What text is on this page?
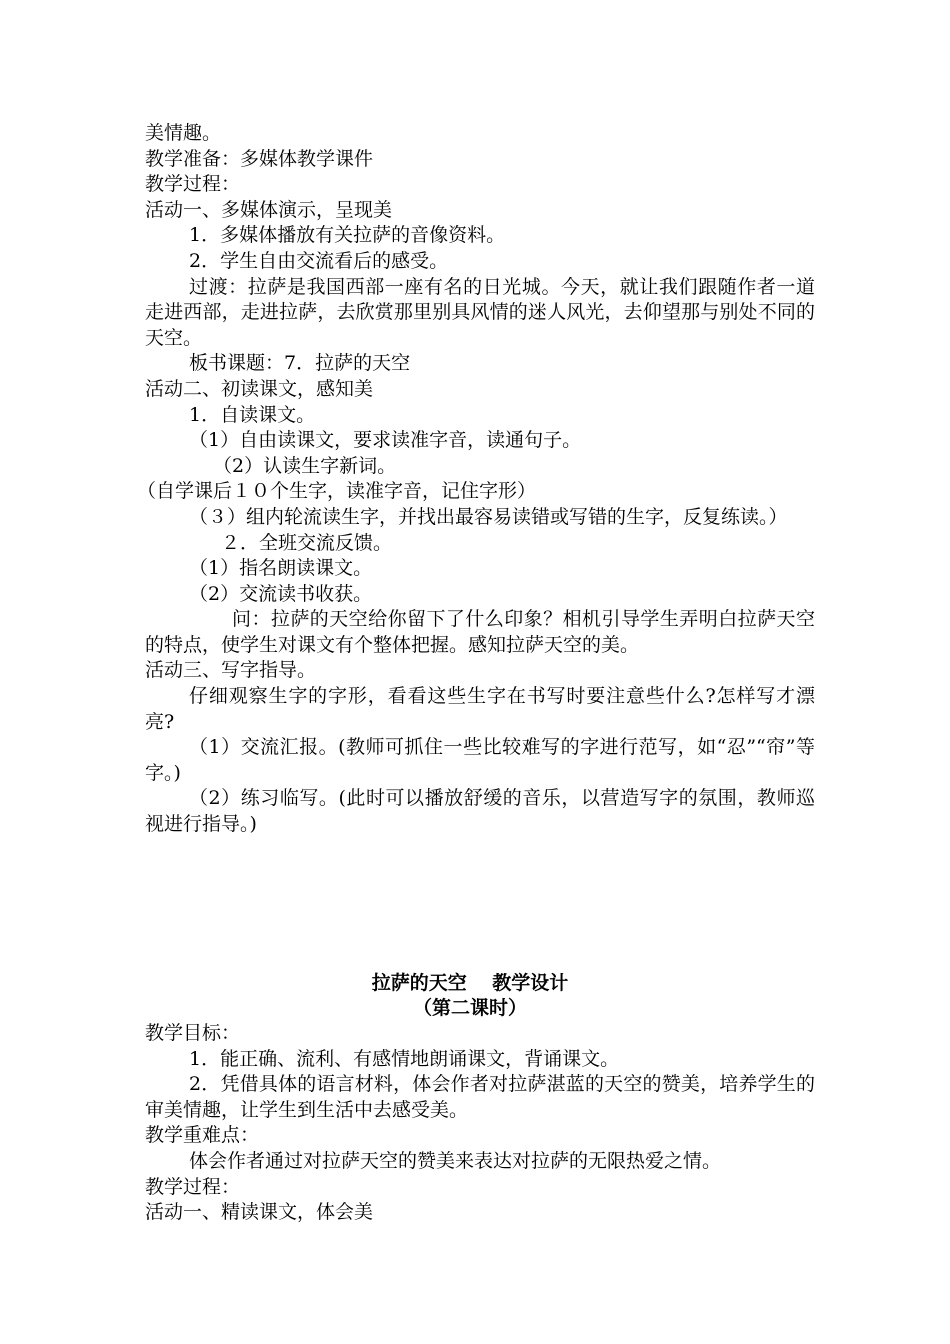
美情趣。

教学准备：多媒体教学课件

教学过程：

活动一、多媒体演示，呈现美

1．多媒体播放有关拉萨的音像资料。

2．学生自由交流看后的感受。

过渡：拉萨是我国西部一座有名的日光城。今天，就让我们跟随作者一道走进西部，走进拉萨，去欣赏那里别具风情的迷人风光，去仰望那与别处不同的天空。

板书课题：7．拉萨的天空

活动二、初读课文，感知美

1．自读课文。

（1）自由读课文，要求读准字音，读通句子。

（2）认读生字新词。

（自学课后１０个生字，读准字音，记住字形）

（３）组内轮流读生字，并找出最容易读错或写错的生字，反复练读。）

２．全班交流反馈。

（1）指名朗读课文。

（2）交流读书收获。

问：拉萨的天空给你留下了什么印象？相机引导学生弄明白拉萨天空的特点，使学生对课文有个整体把握。感知拉萨天空的美。

活动三、写字指导。

仔细观察生字的字形，看看这些生字在书写时要注意些什么?怎样写才漂亮?

（1）交流汇报。(教师可抓住一些比较难写的字进行范写，如“忍”“帘”等字。)

（2）练习临写。(此时可以播放舒缓的音乐，以营造写字的氛围，教师巡视进行指导。)

拉萨的天空　 教学设计

（第二课时）

教学目标：

1．能正确、流利、有感情地朗诵课文，背诵课文。

2．凭借具体的语言材料，体会作者对拉萨湛蓝的天空的赞美，培养学生的审美情趣，让学生到生活中去感受美。

教学重难点：

体会作者通过对拉萨天空的赞美来表达对拉萨的无限热爱之情。

教学过程：

活动一、精读课文，体会美
